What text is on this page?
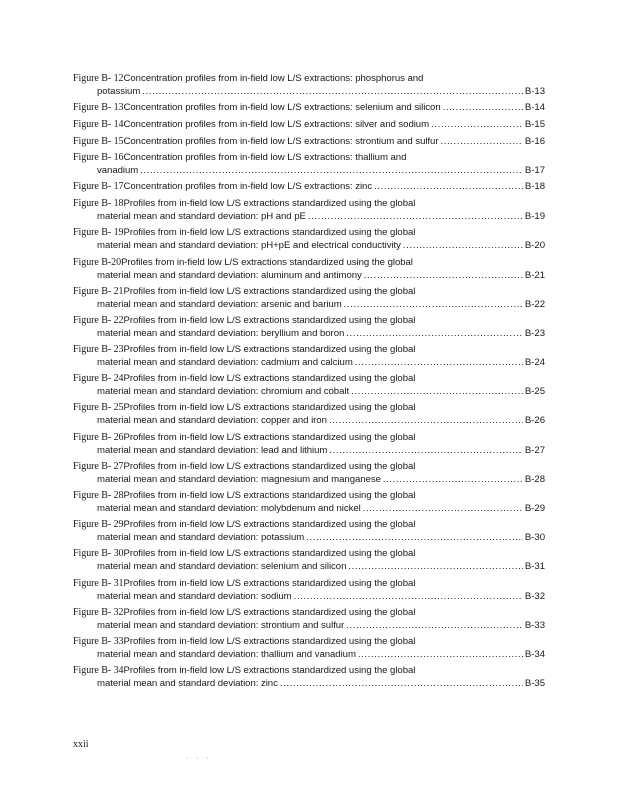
Figure B- 12 Concentration profiles from in-field low L/S extractions: phosphorus and
potassium .....	B-13
Figure B- 13 Concentration profiles from in-field low L/S extractions: selenium and silicon .....	B-14
Figure B- 14 Concentration profiles from in-field low L/S extractions: silver and sodium .....	B-15
Figure B- 15 Concentration profiles from in-field low L/S extractions: strontium and sulfur .....	B-16
Figure B- 16 Concentration profiles from in-field low L/S extractions: thallium and
vanadium .....	B-17
Figure B- 17 Concentration profiles from in-field low L/S extractions: zinc .....	B-18
Figure B- 18 Profiles from in-field low L/S extractions standardized using the global
material mean and standard deviation: pH and pE .....	B-19
Figure B- 19 Profiles from in-field low L/S extractions standardized using the global
material mean and standard deviation: pH+pE and electrical conductivity .....	B-20
Figure B-20 Profiles from in-field low L/S extractions standardized using the global
material mean and standard deviation: aluminum and antimony .....	B-21
Figure B- 21 Profiles from in-field low L/S extractions standardized using the global
material mean and standard deviation: arsenic and barium .....	B-22
Figure B- 22 Profiles from in-field low L/S extractions standardized using the global
material mean and standard deviation: beryllium and boron .....	B-23
Figure B- 23 Profiles from in-field low L/S extractions standardized using the global
material mean and standard deviation: cadmium and calcium .....	B-24
Figure B- 24 Profiles from in-field low L/S extractions standardized using the global
material mean and standard deviation: chromium and cobalt .....	B-25
Figure B- 25 Profiles from in-field low L/S extractions standardized using the global
material mean and standard deviation: copper and iron .....	B-26
Figure B- 26 Profiles from in-field low L/S extractions standardized using the global
material mean and standard deviation: lead and lithium .....	B-27
Figure B- 27 Profiles from in-field low L/S extractions standardized using the global
material mean and standard deviation: magnesium and manganese .....	B-28
Figure B- 28 Profiles from in-field low L/S extractions standardized using the global
material mean and standard deviation: molybdenum and nickel .....	B-29
Figure B- 29 Profiles from in-field low L/S extractions standardized using the global
material mean and standard deviation: potassium .....	B-30
Figure B- 30 Profiles from in-field low L/S extractions standardized using the global
material mean and standard deviation: selenium and silicon .....	B-31
Figure B- 31 Profiles from in-field low L/S extractions standardized using the global
material mean and standard deviation: sodium .....	B-32
Figure B- 32 Profiles from in-field low L/S extractions standardized using the global
material mean and standard deviation: strontium and sulfur .....	B-33
Figure B- 33 Profiles from in-field low L/S extractions standardized using the global
material mean and standard deviation: thallium and vanadium .....	B-34
Figure B- 34 Profiles from in-field low L/S extractions standardized using the global
material mean and standard deviation: zinc .....	B-35
xxii
· · ·
